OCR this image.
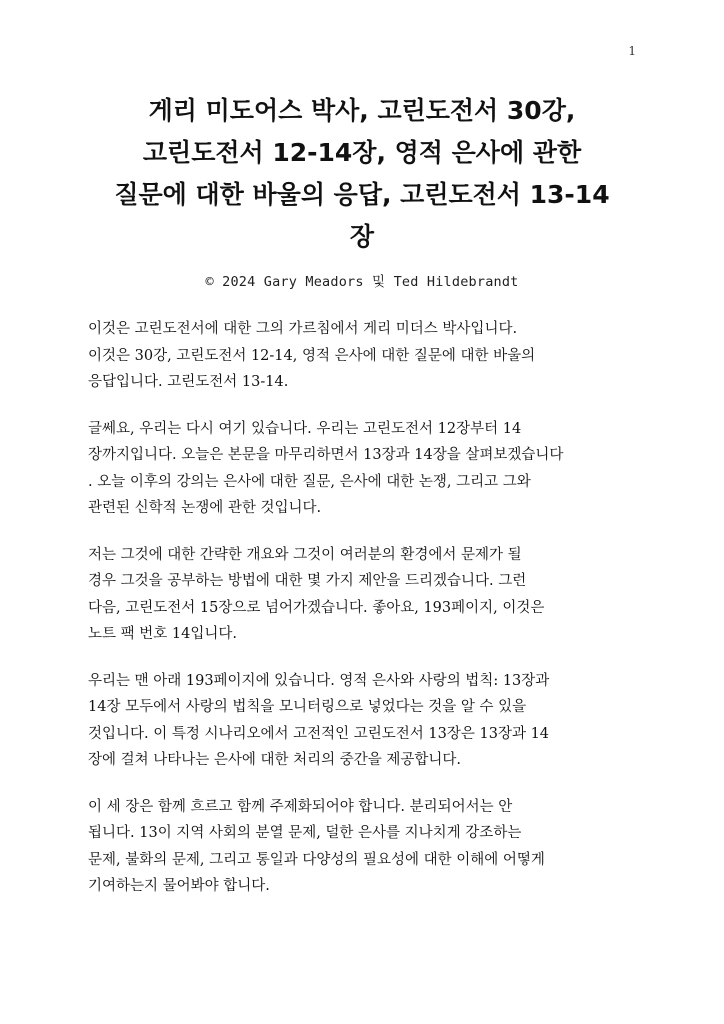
1
게리 미도어스 박사, 고린도전서 30강,
고린도전서 12-14장, 영적 은사에 관한
질문에 대한 바울의 응답, 고린도전서 13-14
장
© 2024 Gary Meadors 및 Ted Hildebrandt

이것은 고린도전서에 대한 그의 가르침에서 게리 미더스 박사입니다.
이것은 30강, 고린도전서 12-14, 영적 은사에 대한 질문에 대한 바울의
응답입니다. 고린도전서 13-14.

글쎄요, 우리는 다시 여기 있습니다. 우리는 고린도전서 12장부터 14
장까지입니다. 오늘은 본문을 마무리하면서 13장과 14장을 살펴보겠습니다
. 오늘 이후의 강의는 은사에 대한 질문, 은사에 대한 논쟁, 그리고 그와
관련된 신학적 논쟁에 관한 것입니다.

저는 그것에 대한 간략한 개요와 그것이 여러분의 환경에서 문제가 될
경우 그것을 공부하는 방법에 대한 몇 가지 제안을 드리겠습니다. 그런
다음, 고린도전서 15장으로 넘어가겠습니다. 좋아요, 193페이지, 이것은
노트 팩 번호 14입니다.

우리는 맨 아래 193페이지에 있습니다. 영적 은사와 사랑의 법칙: 13장과
14장 모두에서 사랑의 법칙을 모니터링으로 넣었다는 것을 알 수 있을
것입니다. 이 특정 시나리오에서 고전적인 고린도전서 13장은 13장과 14
장에 걸쳐 나타나는 은사에 대한 처리의 중간을 제공합니다.

이 세 장은 함께 흐르고 함께 주제화되어야 합니다. 분리되어서는 안
됩니다. 13이 지역 사회의 분열 문제, 덜한 은사를 지나치게 강조하는
문제, 불화의 문제, 그리고 통일과 다양성의 필요성에 대한 이해에 어떻게
기여하는지 물어봐야 합니다.
